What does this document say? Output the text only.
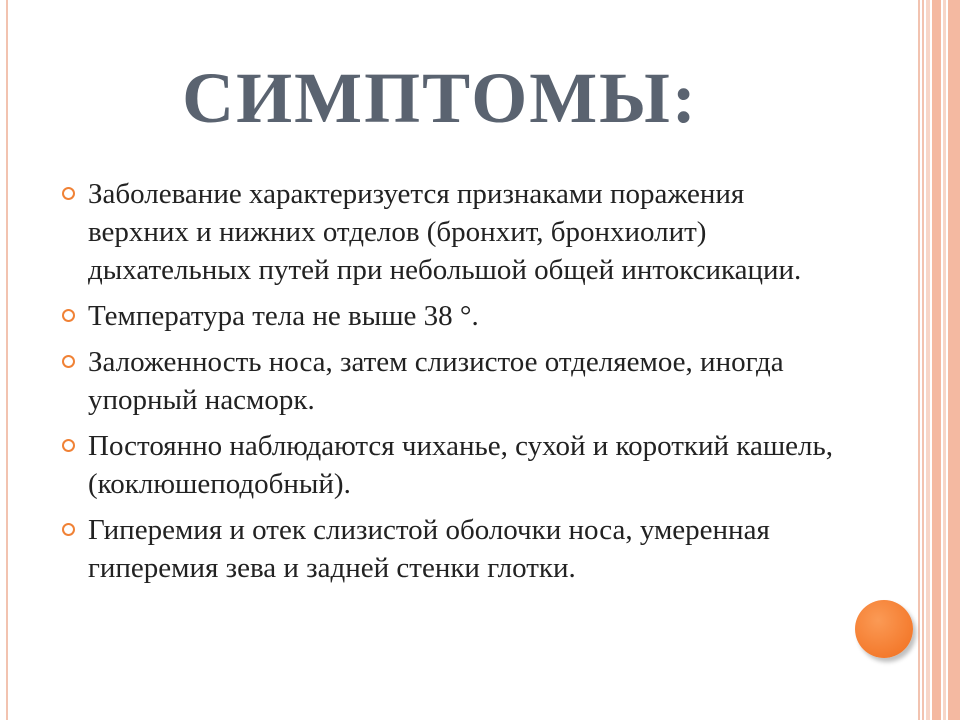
СИМПТОМЫ:
Заболевание характеризуется признаками поражения верхних и нижних отделов (бронхит, бронхиолит) дыхательных путей при небольшой общей интоксикации.
Температура тела не выше 38 °.
Заложенность носа, затем слизистое отделяемое, иногда упорный насморк.
Постоянно наблюдаются чиханье, сухой и короткий кашель, (коклюшеподобный).
Гиперемия и отек слизистой оболочки носа, умеренная гиперемия зева и задней стенки глотки.
